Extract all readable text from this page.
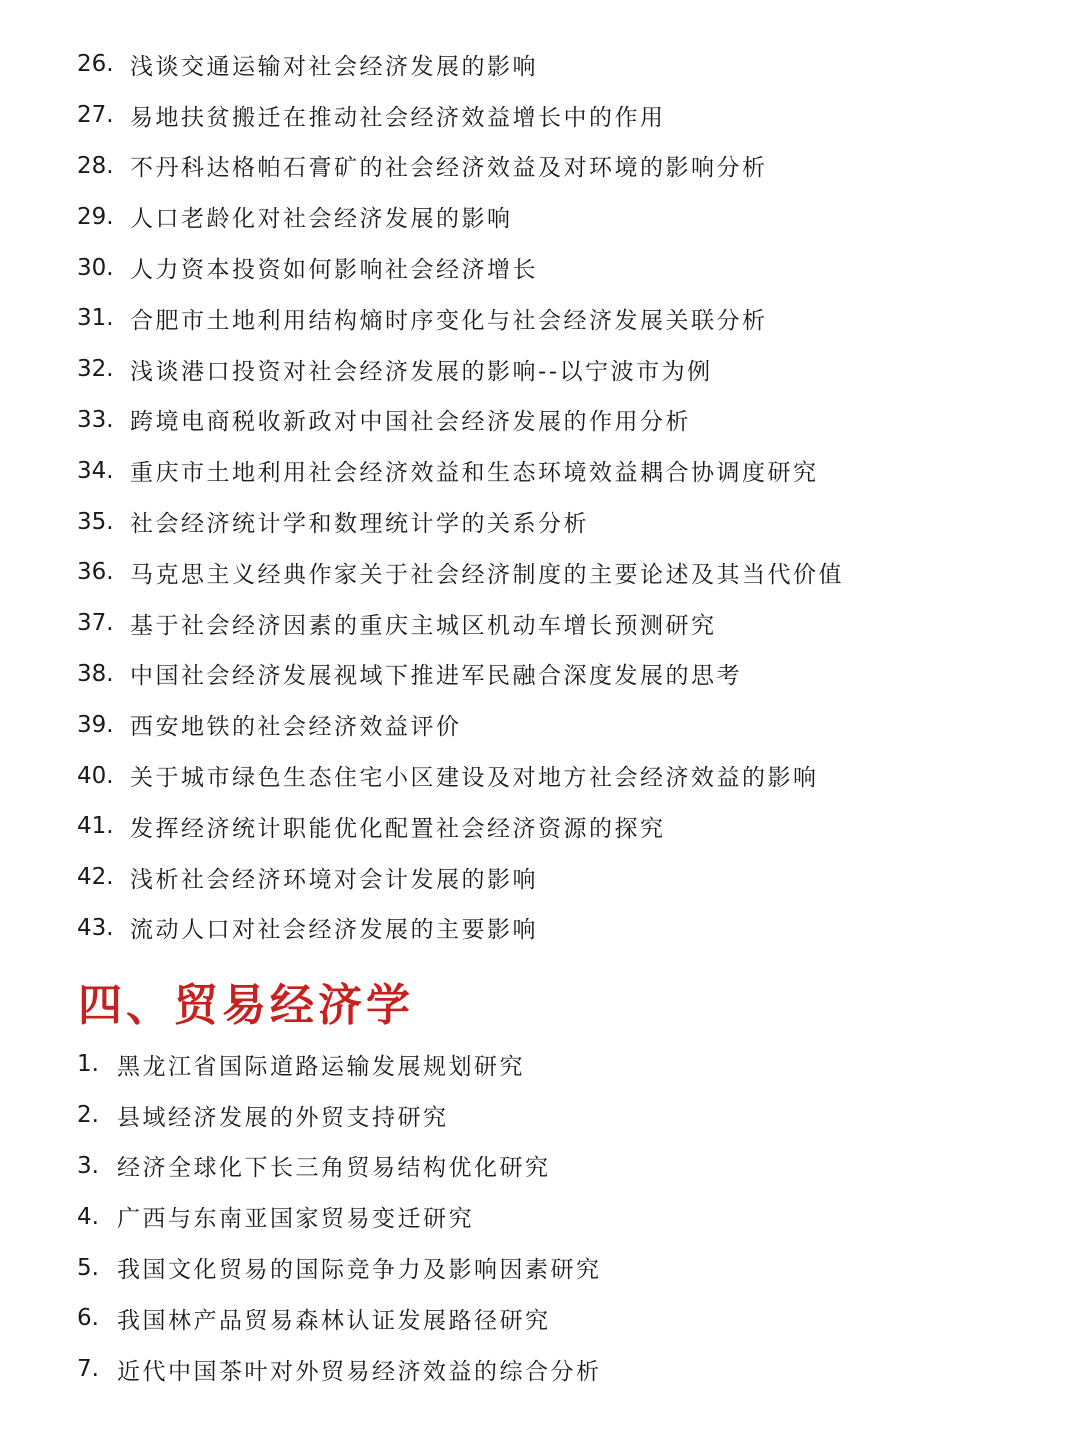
26. 浅谈交通运输对社会经济发展的影响
27. 易地扶贫搬迁在推动社会经济效益增长中的作用
28. 不丹科达格帕石膏矿的社会经济效益及对环境的影响分析
29. 人口老龄化对社会经济发展的影响
30. 人力资本投资如何影响社会经济增长
31. 合肥市土地利用结构熵时序变化与社会经济发展关联分析
32. 浅谈港口投资对社会经济发展的影响--以宁波市为例
33. 跨境电商税收新政对中国社会经济发展的作用分析
34. 重庆市土地利用社会经济效益和生态环境效益耦合协调度研究
35. 社会经济统计学和数理统计学的关系分析
36. 马克思主义经典作家关于社会经济制度的主要论述及其当代价值
37. 基于社会经济因素的重庆主城区机动车增长预测研究
38. 中国社会经济发展视域下推进军民融合深度发展的思考
39. 西安地铁的社会经济效益评价
40. 关于城市绿色生态住宅小区建设及对地方社会经济效益的影响
41. 发挥经济统计职能优化配置社会经济资源的探究
42. 浅析社会经济环境对会计发展的影响
43. 流动人口对社会经济发展的主要影响
四、贸易经济学
1. 黑龙江省国际道路运输发展规划研究
2. 县域经济发展的外贸支持研究
3. 经济全球化下长三角贸易结构优化研究
4. 广西与东南亚国家贸易变迁研究
5. 我国文化贸易的国际竞争力及影响因素研究
6. 我国林产品贸易森林认证发展路径研究
7. 近代中国茶叶对外贸易经济效益的综合分析
